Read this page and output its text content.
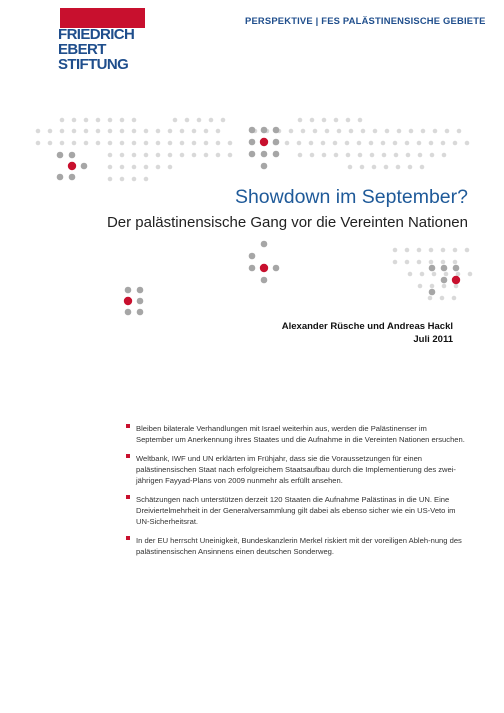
FRIEDRICH
EBERT
STIFTUNG
PERSPEKTIVE | FES PALÄSTINENSISCHE GEBIETE
Showdown im September?
Der palästinensische Gang vor die Vereinten Nationen
Alexander Rüsche und Andreas Hackl
Juli 2011
Bleiben bilaterale Verhandlungen mit Israel weiterhin aus, werden die Palästinenser im September um Anerkennung ihres Staates und die Aufnahme in die Vereinten Nationen ersuchen.
Weltbank, IWF und UN erklärten im Frühjahr, dass sie die Voraussetzungen für einen palästinensischen Staat nach erfolgreichem Staatsaufbau durch die Implementierung des zwei-jährigen Fayyad-Plans von 2009 nunmehr als erfüllt ansehen.
Schätzungen nach unterstützen derzeit 120 Staaten die Aufnahme Palästinas in die UN. Eine Dreiviertelmehrheit in der Generalversammlung gilt dabei als ebenso sicher wie ein US-Veto im UN-Sicherheitsrat.
In der EU herrscht Uneinigkeit, Bundeskanzlerin Merkel riskiert mit der voreiligen Ableh-nung des palästinensischen Ansinnens einen deutschen Sonderweg.
